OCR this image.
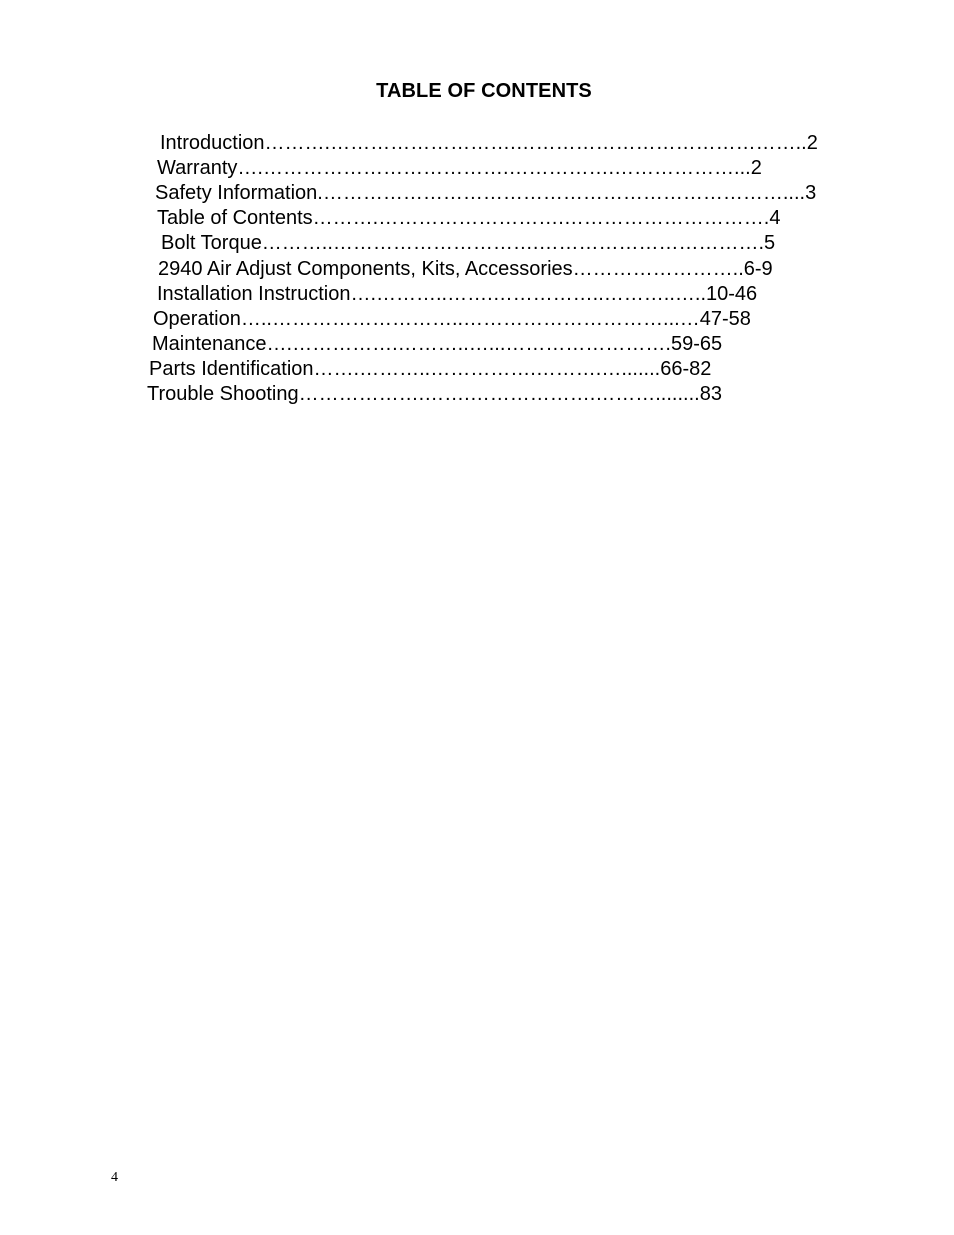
TABLE OF CONTENTS
Introduction……….……………………….……………………………………..2
Warranty….……………………………….…………….………………...2
Safety Information.……………………………………………………………....3
Table of Contents……….……………………….………………………….4
Bolt Torque………..………………………….…………………………….5
2940 Air Adjust Components, Kits, Accessories……………………..6-9
Installation Instruction….………..…….……………..………..…..10-46
Operation…..………………………..…………………………...…47-58
Maintenance….…………….………..…...…………………….59-65
Parts Identification…….………..…………….……….….......66-82
Trouble Shooting……………….…….……………….………........83

4
